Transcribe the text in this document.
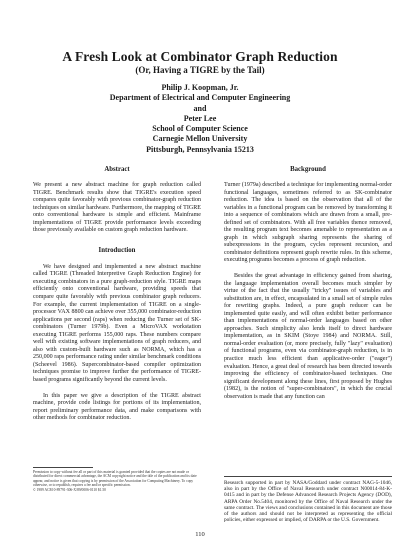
A Fresh Look at Combinator Graph Reduction
(Or, Having a TIGRE by the Tail)
Philip J. Koopman, Jr.
Department of Electrical and Computer Engineering
and
Peter Lee
School of Computer Science
Carnegie Mellon University
Pittsburgh, Pennsylvania 15213
Abstract

We present a new abstract machine for graph reduction called TIGRE. Benchmark results show that TIGRE's execution speed compares quite favorably with previous combinator-graph reduction techniques on similar hardware. Furthermore, the mapping of TIGRE onto conventional hardware is simple and efficient. Mainframe implementations of TIGRE provide performance levels exceeding those previously available on custom graph reduction hardware.

Introduction

We have designed and implemented a new abstract machine called TIGRE (Threaded Interpretive Graph Reduction Engine) for executing combinators in a pure graph-reduction style. TIGRE maps efficiently onto conventional hardware, providing speeds that compare quite favorably with previous combinator graph reducers. For example, the current implementation of TIGRE on a single-processor VAX 8800 can achieve over 355,000 combinator-reduction applications per second (raps) when reducing the Turner set of SK-combinators (Turner 1979b). Even a MicroVAX workstation executing TIGRE performs 155,000 raps. These numbers compare well with existing software implementations of graph reducers, and also with custom-built hardware such as NORMA, which has a 250,000 raps performance rating under similar benchmark conditions (Scheevel 1986). Supercombinator-based compiler optimization techniques promise to improve further the performance of TIGRE-based programs significantly beyond the current levels.

In this paper we give a description of the TIGRE abstract machine, provide code listings for portions of its implementation, report preliminary performance data, and make comparisons with other methods for combinator reduction.

Permission to copy without fee all or part of this material is granted provided that the copies are not made or distributed for direct commercial advantage, the ACM copyright notice and the title of the publication and its date appear, and notice is given that copying is by permission of the Association for Computing Machinery. To copy otherwise, or to republish, requires a fee and/or specific permission.
© 1989 ACM 0-89791-306-X/89/0006-0110 $1.50
Background

Turner (1979a) described a technique for implementing normal-order functional languages, sometimes referred to as SK-combinator reduction. The idea is based on the observation that all of the variables in a functional program can be removed by transforming it into a sequence of combinators which are drawn from a small, pre-defined set of combinators. With all free variables thence removed, the resulting program text becomes amenable to representation as a graph in which subgraph sharing represents the sharing of subexpressions in the program, cycles represent recursion, and combinator definitions represent graph rewrite rules. In this scheme, executing programs becomes a process of graph reduction.

Besides the great advantage in efficiency gained from sharing, the language implementation overall becomes much simpler by virtue of the fact that the usually "tricky" issues of variables and substitution are, in effect, encapsulated in a small set of simple rules for rewriting graphs. Indeed, a pure graph reducer can be implemented quite easily, and will often exhibit better performance than implementations of normal-order languages based on other approaches. Such simplicity also lends itself to direct hardware implementation, as in SKIM (Stoye 1984) and NORMA. Still, normal-order evaluation (or, more precisely, fully "lazy" evaluation) of functional programs, even via combinator-graph reduction, is in practice much less efficient than applicative-order ("eager") evaluation. Hence, a great deal of research has been directed towards improving the efficiency of combinator-based techniques. One significant development along these lines, first proposed by Hughes (1982), is the notion of "super-combinators", in which the crucial observation is made that any function can

Research supported in part by NASA/Goddard under contract NAG-5-1046, also in part by the Office of Naval Research under contract N00014-84-K-0415 and in part by the Defense Advanced Research Projects Agency (DOD), ARPA Order No.5404, monitored by the Office of Naval Research under the same contract. The views and conclusions contained in this document are those of the authors and should not be interpreted as representing the official policies, either expressed or implied, of DARPA or the U.S. Government.
110
